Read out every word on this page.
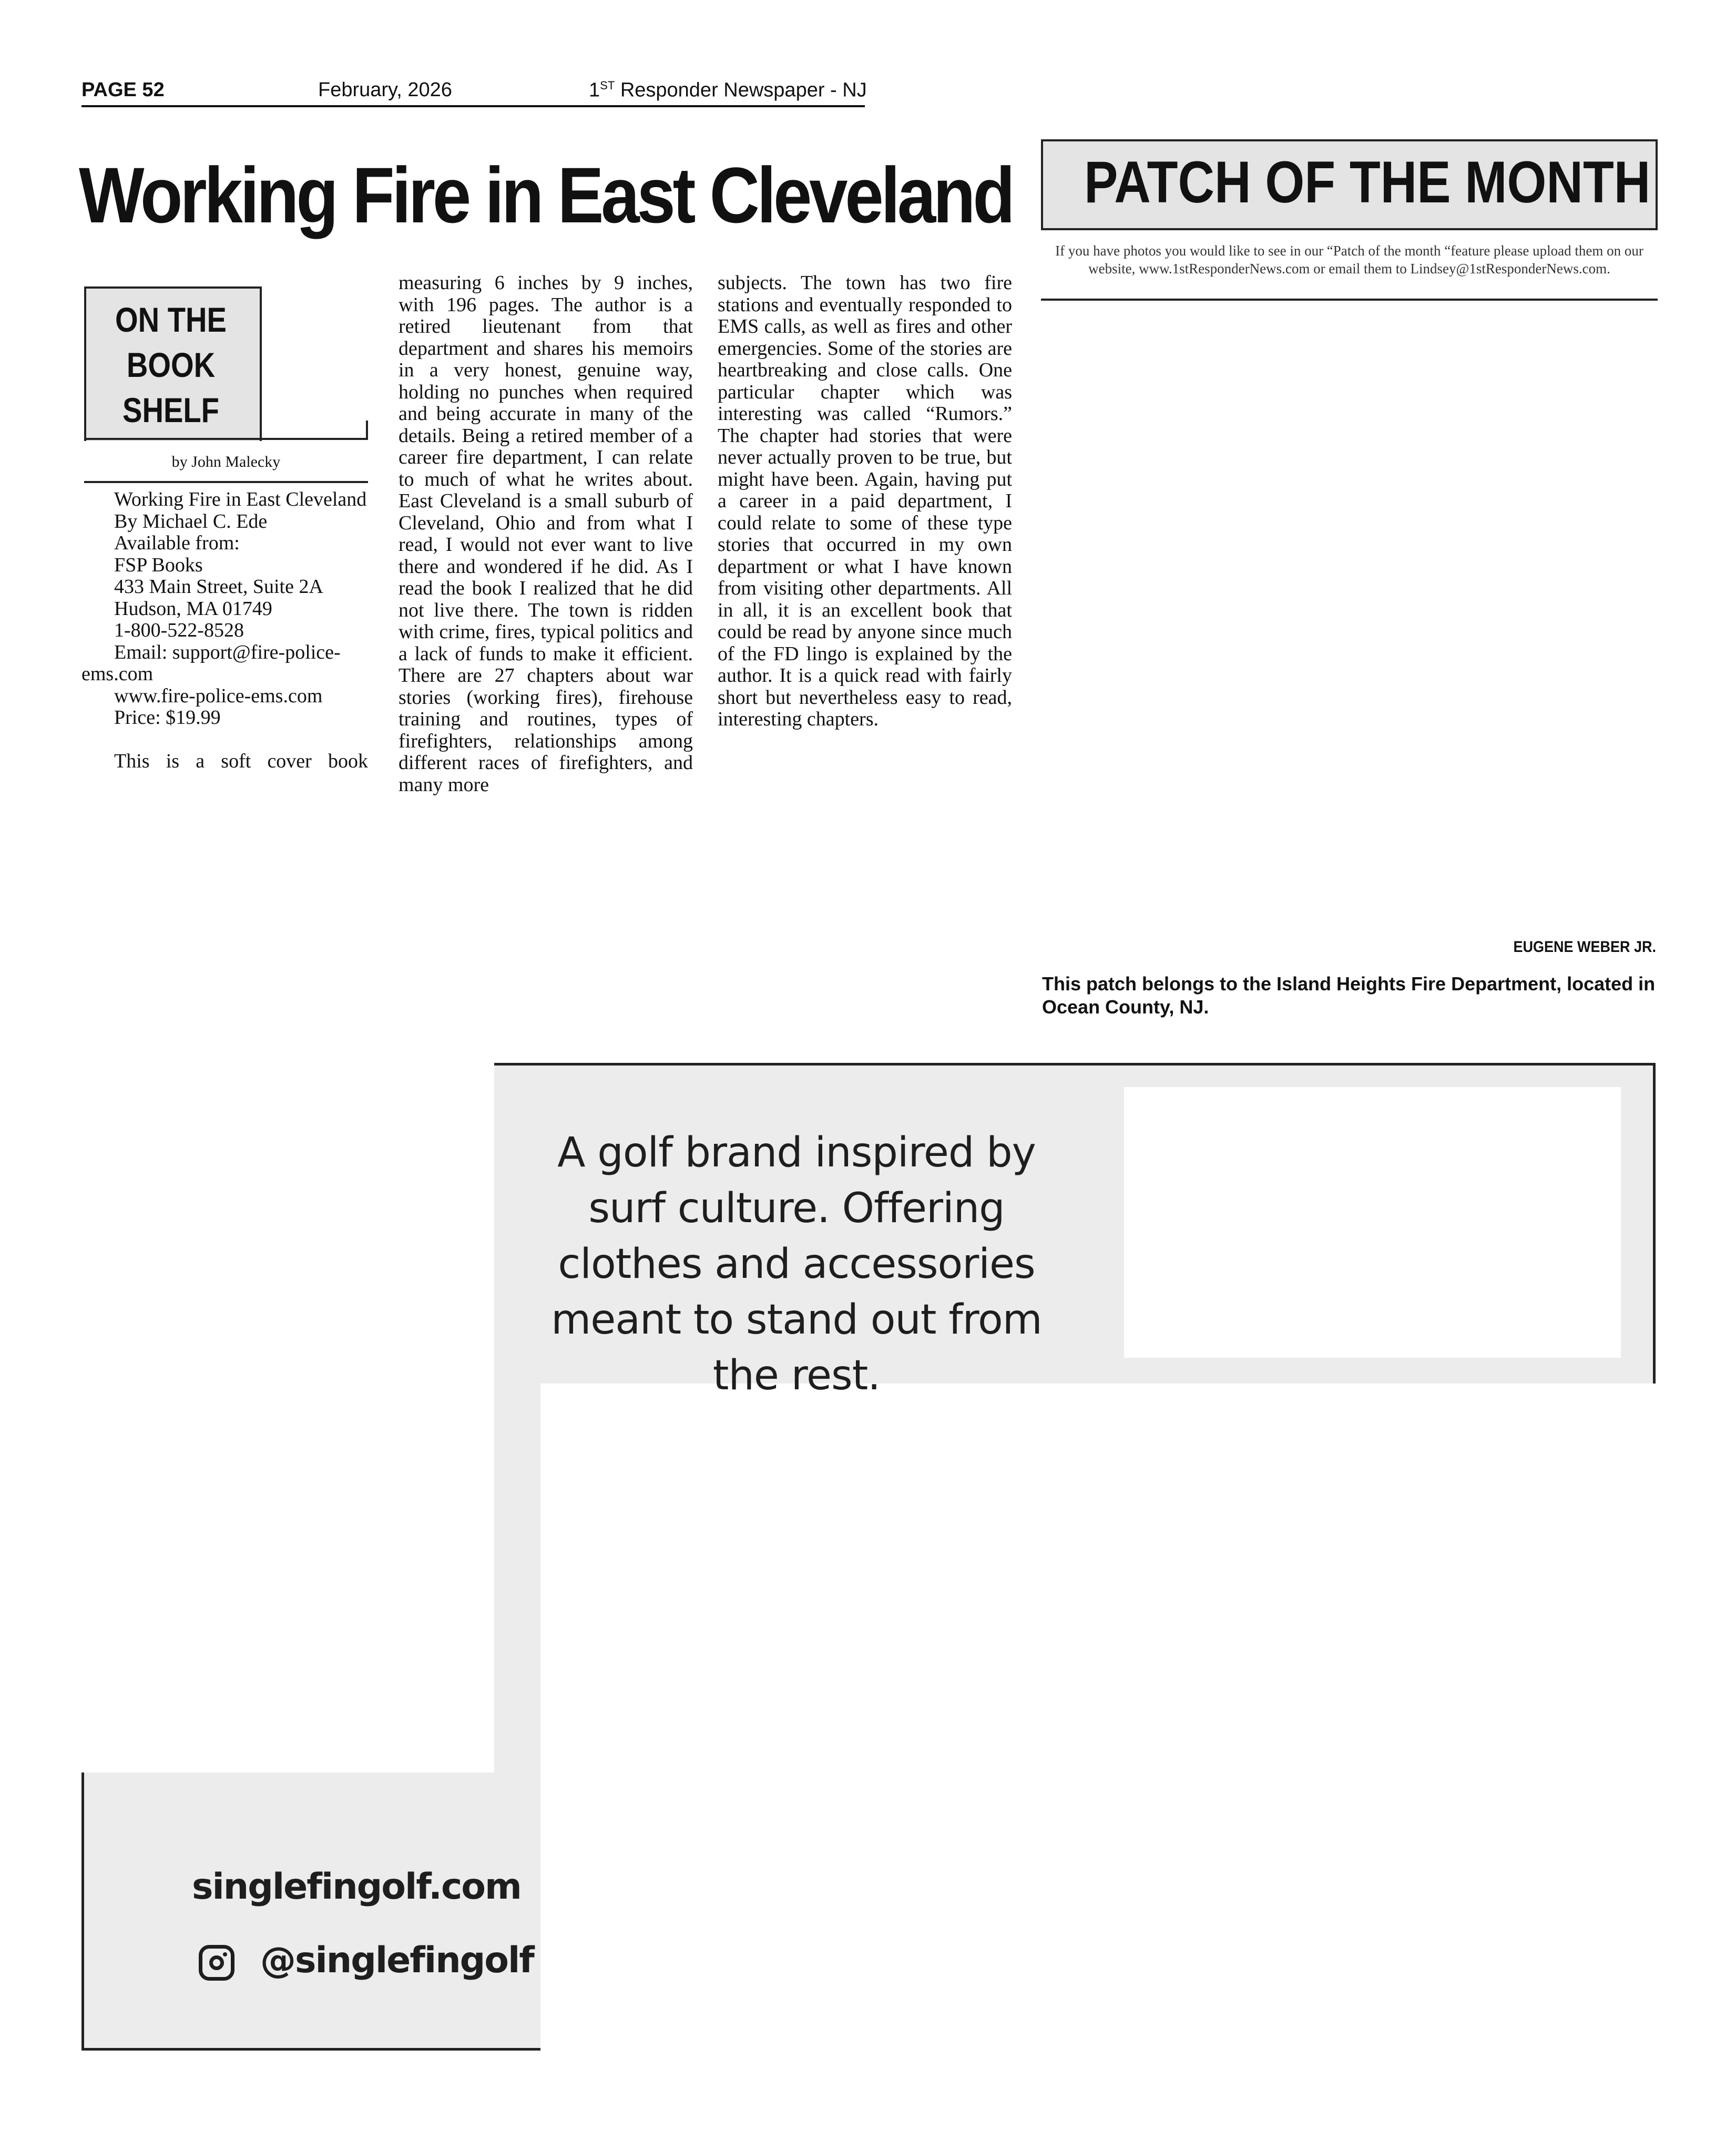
PAGE 52	February, 2026	1ST Responder Newspaper - NJ
Working Fire in East Cleveland
ON THE
BOOK
SHELF
by John Malecky

Working Fire in East Cleveland

By Michael C. Ede

Available from:

FSP Books

433 Main Street, Suite 2A

Hudson, MA 01749

1-800-522-8528

Email: support@fire-police-ems.com

www.fire-police-ems.com

Price: $19.99

This is a soft cover book

measuring 6 inches by 9 inches, with 196 pages. The author is a retired lieutenant from that department and shares his memoirs in a very honest, genuine way, holding no punches when required and being accurate in many of the details. Being a retired member of a career fire department, I can relate to much of what he writes about. East Cleveland is a small suburb of Cleveland, Ohio and from what I read, I would not ever want to live there and wondered if he did. As I read the book I realized that he did not live there. The town is ridden with crime, fires, typical politics and a lack of funds to make it efficient. There are 27 chapters about war stories (working fires), firehouse training and routines, types of firefighters, relationships among different races of firefighters, and many more

subjects. The town has two fire stations and eventually responded to EMS calls, as well as fires and other emergencies. Some of the stories are heartbreaking and close calls. One particular chapter which was interesting was called “Rumors.” The chapter had stories that were never actually proven to be true, but might have been. Again, having put a career in a paid department, I could relate to some of these type stories that occurred in my own department or what I have known from visiting other departments. All in all, it is an excellent book that could be read by anyone since much of the FD lingo is explained by the author. It is a quick read with fairly short but nevertheless easy to read, interesting chapters.

PATCH OF THE MONTH
If you have photos you would like to see in our “Patch of the month “feature please upload them on our website, www.1stResponderNews.com or email them to Lindsey@1stResponderNews.com.
EUGENE WEBER JR.
This patch belongs to the Island Heights Fire Department, located in Ocean County, NJ.
A golf brand inspired by surf culture. Offering clothes and accessories meant to stand out from the rest.
singlefingolf.com
@singlefingolf
